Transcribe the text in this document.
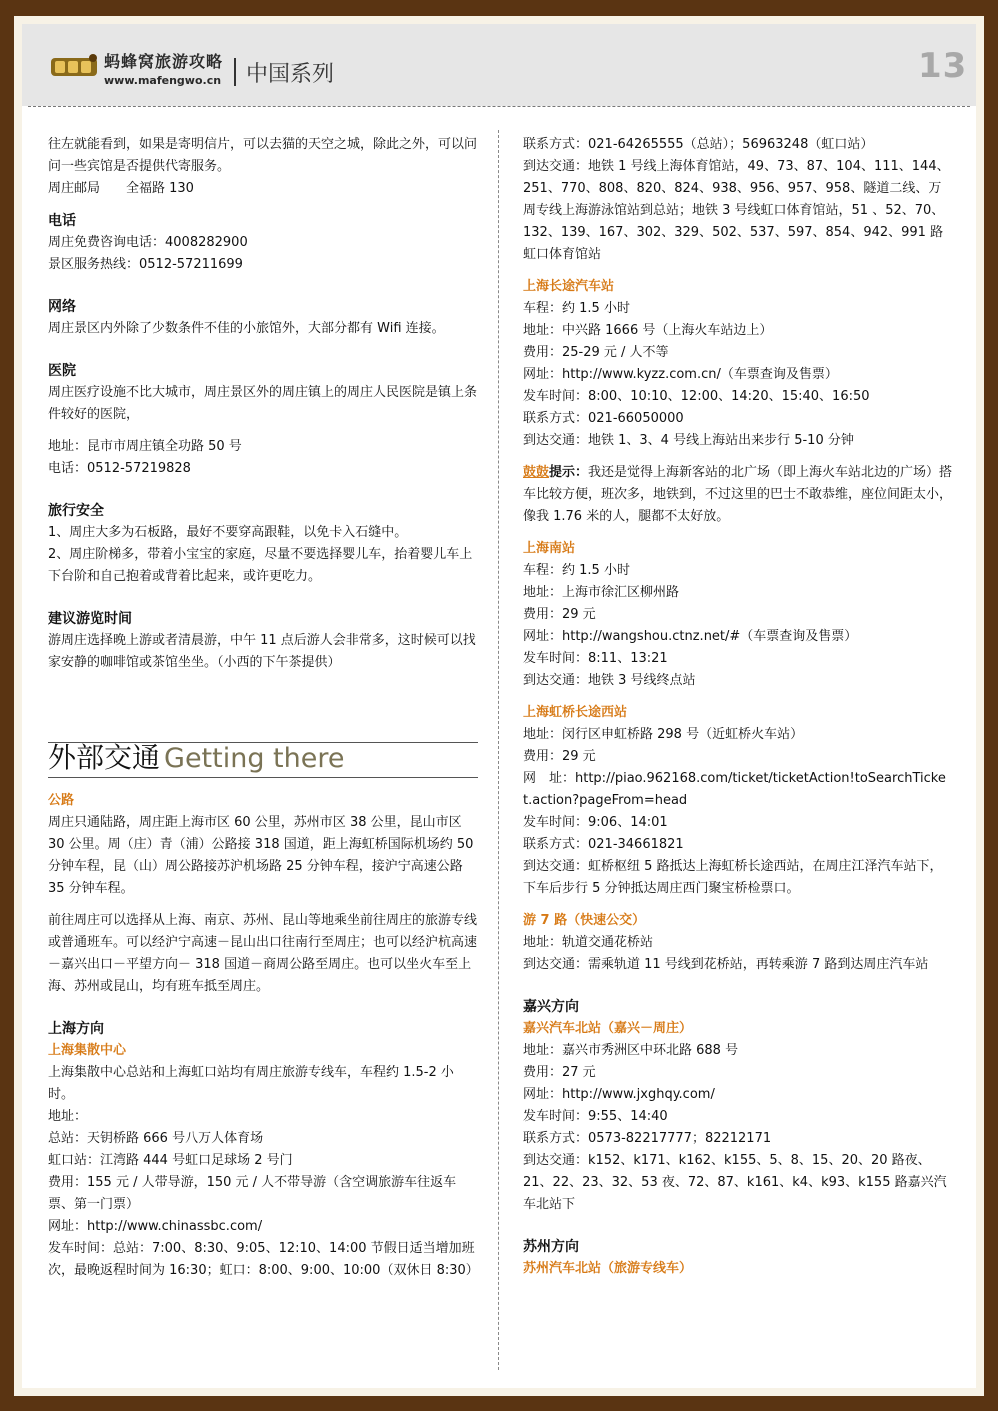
蚂蜂窝旅游攻略
www.mafengwo.cn 中国系列	13
往左就能看到，如果是寄明信片，可以去猫的天空之城，除此之外，可以问问一些宾馆是否提供代寄服务。
周庄邮局　　全福路 130
电话
周庄免费咨询电话：4008282900
景区服务热线：0512-57211699
网络
周庄景区内外除了少数条件不佳的小旅馆外，大部分都有 Wifi 连接。
医院
周庄医疗设施不比大城市，周庄景区外的周庄镇上的周庄人民医院是镇上条件较好的医院，
地址：昆市市周庄镇全功路 50 号
电话：0512-57219828
旅行安全
1、周庄大多为石板路，最好不要穿高跟鞋，以免卡入石缝中。
2、周庄阶梯多，带着小宝宝的家庭，尽量不要选择婴儿车，抬着婴儿车上下台阶和自己抱着或背着比起来，或许更吃力。
建议游览时间
游周庄选择晚上游或者清晨游，中午 11 点后游人会非常多，这时候可以找家安静的咖啡馆或茶馆坐坐。（小西的下午茶提供）
外部交通 Getting there
公路
周庄只通陆路，周庄距上海市区 60 公里，苏州市区 38 公里，昆山市区 30 公里。周（庄）青（浦）公路接 318 国道，距上海虹桥国际机场约 50 分钟车程，昆（山）周公路接苏沪机场路 25 分钟车程，接沪宁高速公路 35 分钟车程。
前往周庄可以选择从上海、南京、苏州、昆山等地乘坐前往周庄的旅游专线或普通班车。可以经沪宁高速－昆山出口往南行至周庄；也可以经沪杭高速－嘉兴出口－平望方向－ 318 国道－商周公路至周庄。也可以坐火车至上海、苏州或昆山，均有班车抵至周庄。
上海方向
上海集散中心
上海集散中心总站和上海虹口站均有周庄旅游专线车，车程约 1.5-2 小时。
地址：
总站：天钥桥路 666 号八万人体育场
虹口站：江湾路 444 号虹口足球场 2 号门
费用：155 元 / 人带导游，150 元 / 人不带导游（含空调旅游车往返车票、第一门票）
网址：http://www.chinassbc.com/
发车时间：总站：7:00、8:30、9:05、12:10、14:00 节假日适当增加班次，最晚返程时间为 16:30；虹口：8:00、9:00、10:00（双休日 8:30）
联系方式：021-64265555（总站）；56963248（虹口站）
到达交通：地铁 1 号线上海体育馆站，49、73、87、104、111、144、251、770、808、820、824、938、956、957、958、隧道二线、万周专线上海游泳馆站到总站；地铁 3 号线虹口体育馆站，51 、52、70、132、139、167、302、329、502、537、597、854、942、991 路虹口体育馆站
上海长途汽车站
车程：约 1.5 小时
地址：中兴路 1666 号（上海火车站边上）
费用：25-29 元 / 人不等
网址：http://www.kyzz.com.cn/（车票查询及售票）
发车时间：8:00、10:10、12:00、14:20、15:40、16:50
联系方式：021-66050000
到达交通：地铁 1、3、4 号线上海站出来步行 5-10 分钟
鼓鼓提示：我还是觉得上海新客站的北广场（即上海火车站北边的广场）搭车比较方便，班次多，地铁到，不过这里的巴士不敢恭维，座位间距太小，像我 1.76 米的人，腿都不太好放。
上海南站
车程：约 1.5 小时
地址：上海市徐汇区柳州路
费用：29 元
网址：http://wangshou.ctnz.net/#（车票查询及售票）
发车时间：8:11、13:21
到达交通：地铁 3 号线终点站
上海虹桥长途西站
地址：闵行区申虹桥路 298 号（近虹桥火车站）
费用：29 元
网　址：http://piao.962168.com/ticket/ticketAction!toSearchTicket.action?pageFrom=head
发车时间：9:06、14:01
联系方式：021-34661821
到达交通：虹桥枢纽 5 路抵达上海虹桥长途西站，在周庄江泽汽车站下，下车后步行 5 分钟抵达周庄西门聚宝桥检票口。
游 7 路（快速公交）
地址：轨道交通花桥站
到达交通：需乘轨道 11 号线到花桥站，再转乘游 7 路到达周庄汽车站
嘉兴方向
嘉兴汽车北站（嘉兴－周庄）
地址：嘉兴市秀洲区中环北路 688 号
费用：27 元
网址：http://www.jxghqy.com/
发车时间：9:55、14:40
联系方式：0573-82217777；82212171
到达交通：k152、k171、k162、k155、5、8、15、20、20 路夜、21、22、23、32、53 夜、72、87、k161、k4、k93、k155 路嘉兴汽车北站下
苏州方向
苏州汽车北站（旅游专线车）
